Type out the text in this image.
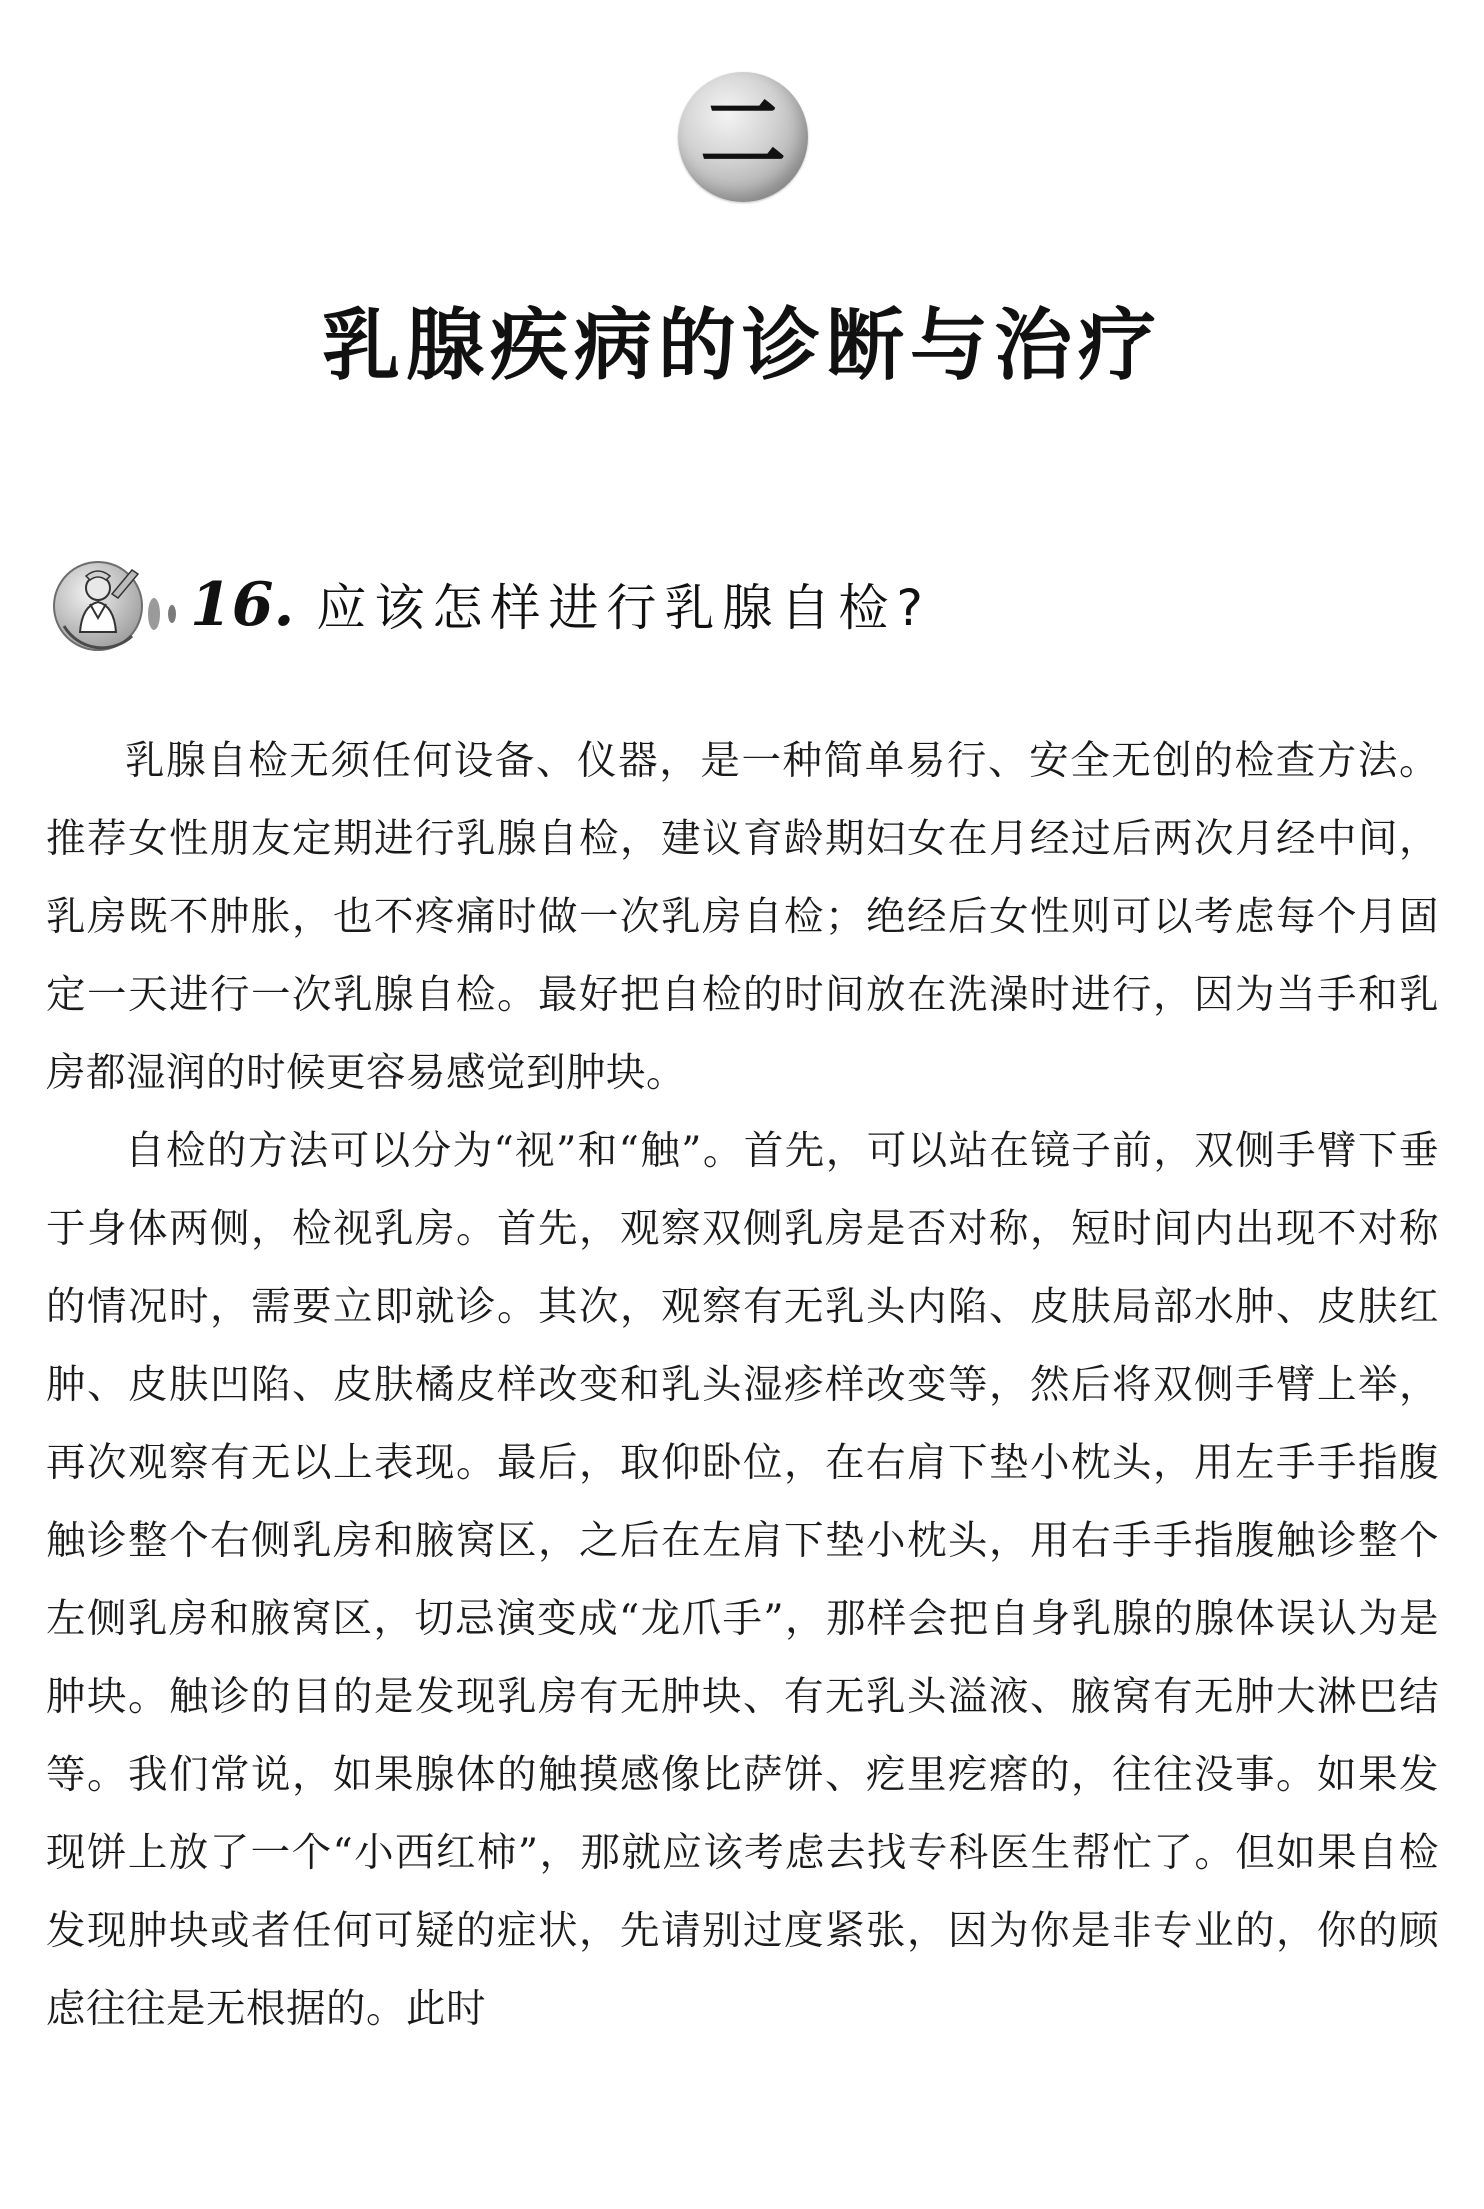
二
乳腺疾病的诊断与治疗
16. 应该怎样进行乳腺自检?

乳腺自检无须任何设备、仪器，是一种简单易行、安全无创的检查方法。推荐女性朋友定期进行乳腺自检，建议育龄期妇女在月经过后两次月经中间，乳房既不肿胀，也不疼痛时做一次乳房自检；绝经后女性则可以考虑每个月固定一天进行一次乳腺自检。最好把自检的时间放在洗澡时进行，因为当手和乳房都湿润的时候更容易感觉到肿块。

自检的方法可以分为“视”和“触”。首先，可以站在镜子前，双侧手臂下垂于身体两侧，检视乳房。首先，观察双侧乳房是否对称，短时间内出现不对称的情况时，需要立即就诊。其次，观察有无乳头内陷、皮肤局部水肿、皮肤红肿、皮肤凹陷、皮肤橘皮样改变和乳头湿疹样改变等，然后将双侧手臂上举，再次观察有无以上表现。最后，取仰卧位，在右肩下垫小枕头，用左手手指腹触诊整个右侧乳房和腋窝区，之后在左肩下垫小枕头，用右手手指腹触诊整个左侧乳房和腋窝区，切忌演变成“龙爪手”，那样会把自身乳腺的腺体误认为是肿块。触诊的目的是发现乳房有无肿块、有无乳头溢液、腋窝有无肿大淋巴结等。我们常说，如果腺体的触摸感像比萨饼、疙里疙瘩的，往往没事。如果发现饼上放了一个“小西红柿”，那就应该考虑去找专科医生帮忙了。但如果自检发现肿块或者任何可疑的症状，先请别过度紧张，因为你是非专业的，你的顾虑往往是无根据的。此时
